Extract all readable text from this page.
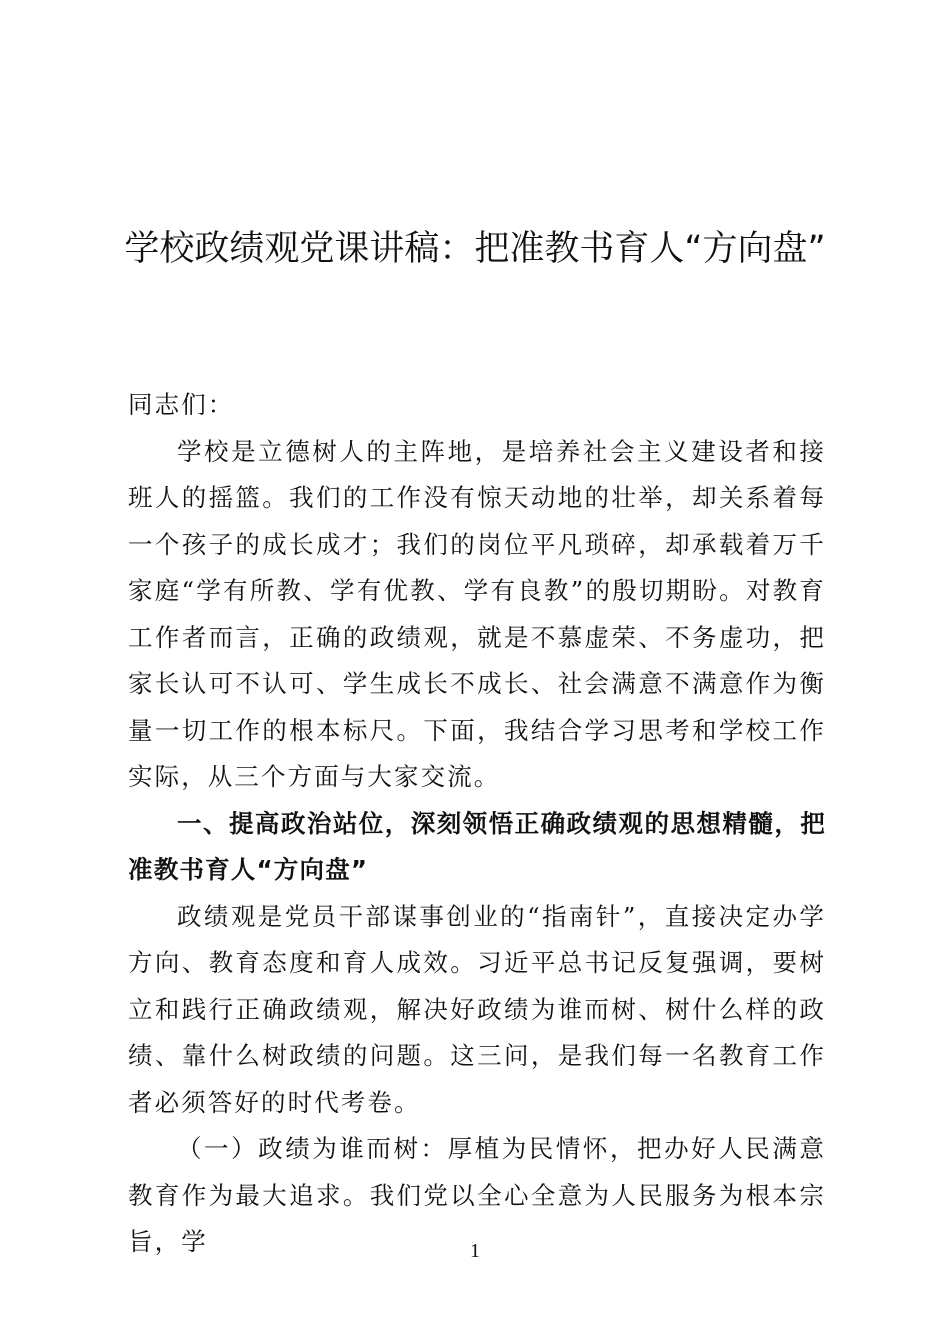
学校政绩观党课讲稿：把准教书育人“方向盘”

同志们：

学校是立德树人的主阵地，是培养社会主义建设者和接班人的摇篮。我们的工作没有惊天动地的壮举，却关系着每一个孩子的成长成才；我们的岗位平凡琐碎，却承载着万千家庭“学有所教、学有优教、学有良教”的殷切期盼。对教育工作者而言，正确的政绩观，就是不慕虚荣、不务虚功，把家长认可不认可、学生成长不成长、社会满意不满意作为衡量一切工作的根本标尺。下面，我结合学习思考和学校工作实际，从三个方面与大家交流。

一、提高政治站位，深刻领悟正确政绩观的思想精髓，把准教书育人“方向盘”

政绩观是党员干部谋事创业的“指南针”，直接决定办学方向、教育态度和育人成效。习近平总书记反复强调，要树立和践行正确政绩观，解决好政绩为谁而树、树什么样的政绩、靠什么树政绩的问题。这三问，是我们每一名教育工作者必须答好的时代考卷。

（一）政绩为谁而树：厚植为民情怀，把办好人民满意教育作为最大追求。我们党以全心全意为人民服务为根本宗旨，学	1
